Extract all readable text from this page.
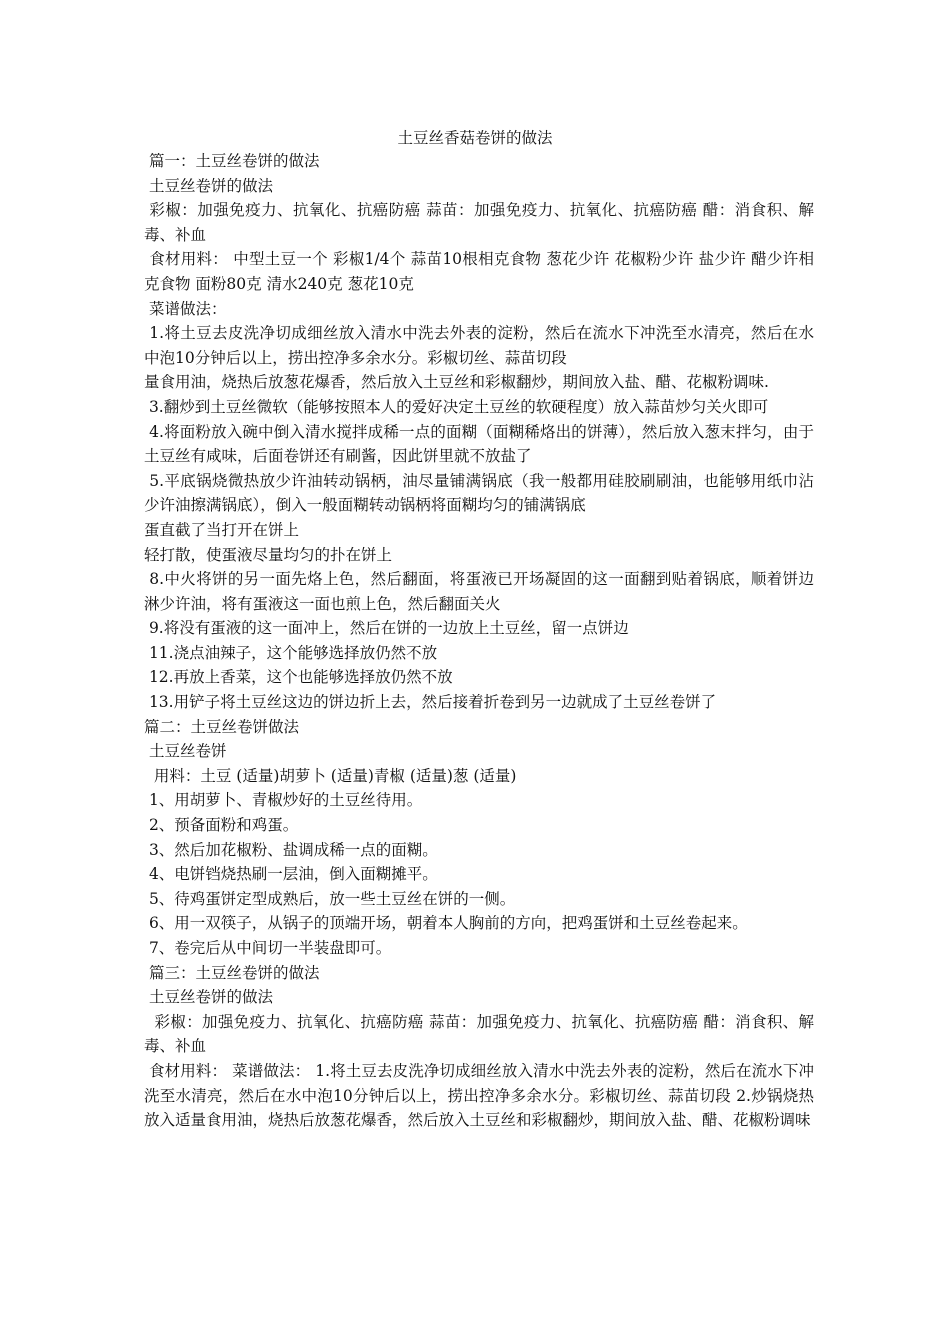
土豆丝香菇卷饼的做法

篇一：土豆丝卷饼的做法

土豆丝卷饼的做法

彩椒：加强免疫力、抗氧化、抗癌防癌 蒜苗：加强免疫力、抗氧化、抗癌防癌 醋：消食积、解毒、补血

食材用料： 中型土豆一个 彩椒1/4个 蒜苗10根相克食物 葱花少许 花椒粉少许 盐少许 醋少许相克食物 面粉80克 清水240克 葱花10克

菜谱做法：

1.将土豆去皮洗净切成细丝放入清水中洗去外表的淀粉，然后在流水下冲洗至水清亮，然后在水中泡10分钟后以上，捞出控净多余水分。彩椒切丝、蒜苗切段

量食用油，烧热后放葱花爆香，然后放入土豆丝和彩椒翻炒，期间放入盐、醋、花椒粉调味.

3.翻炒到土豆丝微软（能够按照本人的爱好决定土豆丝的软硬程度）放入蒜苗炒匀关火即可

4.将面粉放入碗中倒入清水搅拌成稀一点的面糊（面糊稀烙出的饼薄），然后放入葱末拌匀，由于土豆丝有咸味，后面卷饼还有刷酱，因此饼里就不放盐了

5.平底锅烧微热放少许油转动锅柄，油尽量铺满锅底（我一般都用硅胶刷刷油，也能够用纸巾沾少许油擦满锅底），倒入一般面糊转动锅柄将面糊均匀的铺满锅底

蛋直截了当打开在饼上

轻打散，使蛋液尽量均匀的扑在饼上

8.中火将饼的另一面先烙上色，然后翻面，将蛋液已开场凝固的这一面翻到贴着锅底，顺着饼边淋少许油，将有蛋液这一面也煎上色，然后翻面关火

9.将没有蛋液的这一面冲上，然后在饼的一边放上土豆丝，留一点饼边

11.浇点油辣子，这个能够选择放仍然不放

12.再放上香菜，这个也能够选择放仍然不放

13.用铲子将土豆丝这边的饼边折上去，然后接着折卷到另一边就成了土豆丝卷饼了

篇二：土豆丝卷饼做法

土豆丝卷饼

用料：土豆 (适量)胡萝卜 (适量)青椒 (适量)葱 (适量)

1、用胡萝卜、青椒炒好的土豆丝待用。

2、预备面粉和鸡蛋。

3、然后加花椒粉、盐调成稀一点的面糊。

4、电饼铛烧热刷一层油，倒入面糊摊平。

5、待鸡蛋饼定型成熟后，放一些土豆丝在饼的一侧。

6、用一双筷子，从锅子的顶端开场，朝着本人胸前的方向，把鸡蛋饼和土豆丝卷起来。

7、卷完后从中间切一半装盘即可。

篇三：土豆丝卷饼的做法

土豆丝卷饼的做法

彩椒：加强免疫力、抗氧化、抗癌防癌 蒜苗：加强免疫力、抗氧化、抗癌防癌 醋：消食积、解毒、补血

食材用料： 菜谱做法： 1.将土豆去皮洗净切成细丝放入清水中洗去外表的淀粉，然后在流水下冲洗至水清亮，然后在水中泡10分钟后以上，捞出控净多余水分。彩椒切丝、蒜苗切段 2.炒锅烧热放入适量食用油，烧热后放葱花爆香，然后放入土豆丝和彩椒翻炒，期间放入盐、醋、花椒粉调味
